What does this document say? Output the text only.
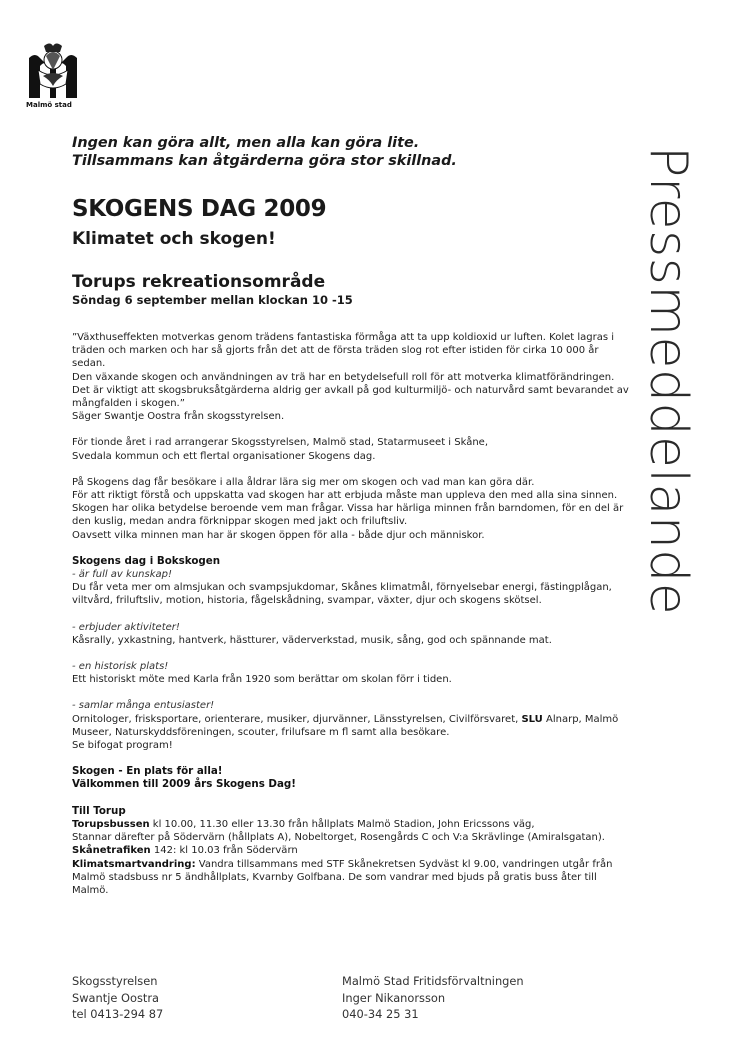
Malmö stad
Pressmeddelande
Ingen kan göra allt, men alla kan göra lite.
Tillsammans kan åtgärderna göra stor skillnad.
SKOGENS DAG 2009
Klimatet och skogen!
Torups rekreationsområde
Söndag 6 september mellan klockan 10 -15

”Växthuseffekten motverkas genom trädens fantastiska förmåga att ta upp koldioxid ur luften. Kolet lagras i
träden och marken och har så gjorts från det att de första träden slog rot efter istiden för cirka 10 000 år sedan.
Den växande skogen och användningen av trä har en betydelsefull roll för att motverka klimatförändringen.
Det är viktigt att skogsbruksåtgärderna aldrig ger avkall på god kulturmiljö- och naturvård samt bevarandet av
mångfalden i skogen.”
Säger Swantje Oostra från skogsstyrelsen.

För tionde året i rad arrangerar Skogsstyrelsen, Malmö stad, Statarmuseet i Skåne,
Svedala kommun och ett flertal organisationer Skogens dag.

På Skogens dag får besökare i alla åldrar lära sig mer om skogen och vad man kan göra där.
För att riktigt förstå och uppskatta vad skogen har att erbjuda måste man uppleva den med alla sina sinnen.
Skogen har olika betydelse beroende vem man frågar. Vissa har härliga minnen från barndomen, för en del är
den kuslig, medan andra förknippar skogen med jakt och friluftsliv.
Oavsett vilka minnen man har är skogen öppen för alla - både djur och människor.

Skogens dag i Bokskogen
- är full av kunskap!
Du får veta mer om almsjukan och svampsjukdomar, Skånes klimatmål, förnyelsebar energi, fästingplågan,
viltvård, friluftsliv, motion, historia, fågelskådning, svampar, växter, djur och skogens skötsel.

- erbjuder aktiviteter!
Kåsrally, yxkastning, hantverk, hästturer, väderverkstad, musik, sång, god och spännande mat.

- en historisk plats!
Ett historiskt möte med Karla från 1920 som berättar om skolan förr i tiden.

- samlar många entusiaster!
Ornitologer, frisksportare, orienterare, musiker, djurvänner, Länsstyrelsen, Civilförsvaret, SLU Alnarp, Malmö
Museer, Naturskyddsföreningen, scouter, frilufsare m fl samt alla besökare.
Se bifogat program!

Skogen - En plats för alla!
Välkommen till 2009 års Skogens Dag!

Till Torup
Torupsbussen kl 10.00, 11.30 eller 13.30 från hållplats Malmö Stadion, John Ericssons väg,
Stannar därefter på Södervärn (hållplats A), Nobeltorget, Rosengårds C och V:a Skrävlinge (Amiralsgatan).
Skånetrafiken 142: kl 10.03 från Södervärn
Klimatsmartvandring: Vandra tillsammans med STF Skånekretsen Sydväst kl 9.00, vandringen utgår från
Malmö stadsbuss nr 5 ändhållplats, Kvarnby Golfbana. De som vandrar med bjuds på gratis buss åter till Malmö.

Skogsstyrelsen
Swantje Oostra
tel 0413-294 87
Malmö Stad Fritidsförvaltningen
Inger Nikanorsson
040-34 25 31
